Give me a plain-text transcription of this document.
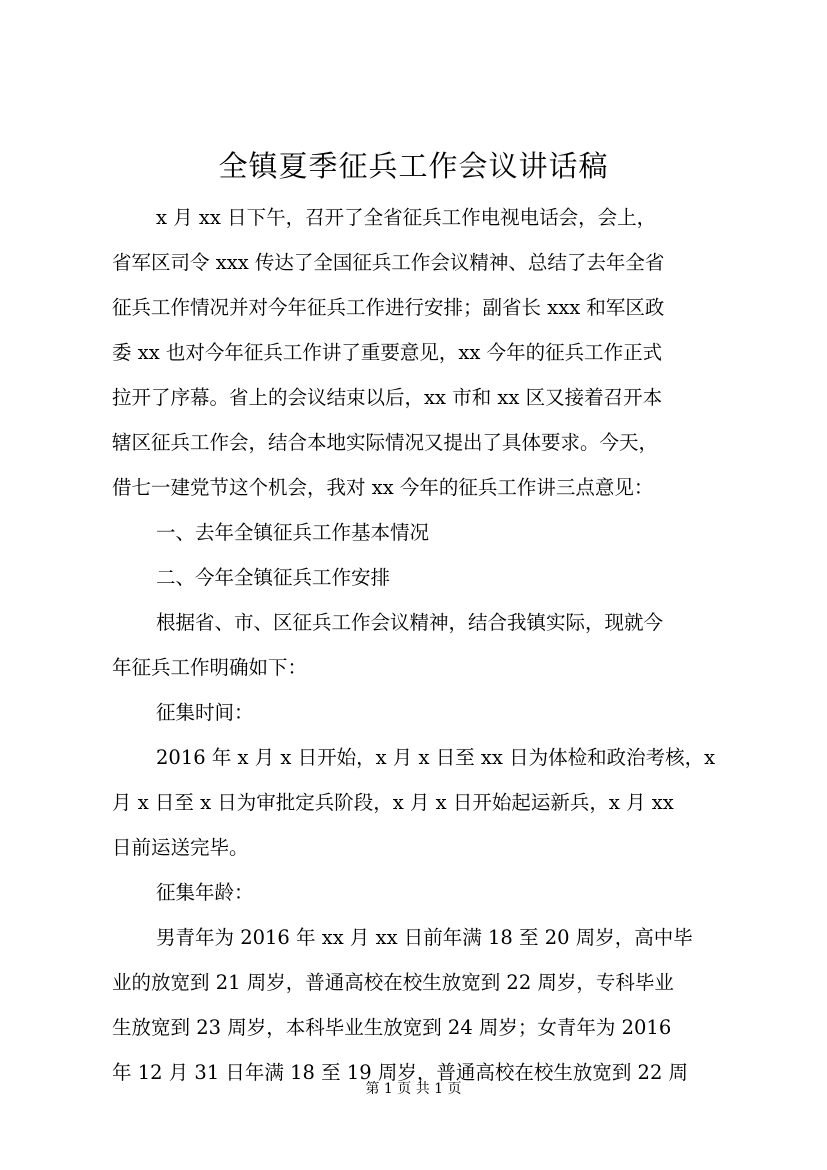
全镇夏季征兵工作会议讲话稿
x 月 xx 日下午，召开了全省征兵工作电视电话会，会上，
省军区司令 xxx 传达了全国征兵工作会议精神、总结了去年全省
征兵工作情况并对今年征兵工作进行安排；副省长 xxx 和军区政
委 xx 也对今年征兵工作讲了重要意见，xx 今年的征兵工作正式
拉开了序幕。省上的会议结束以后，xx 市和 xx 区又接着召开本
辖区征兵工作会，结合本地实际情况又提出了具体要求。今天，
借七一建党节这个机会，我对 xx 今年的征兵工作讲三点意见：
一、去年全镇征兵工作基本情况
二、今年全镇征兵工作安排
根据省、市、区征兵工作会议精神，结合我镇实际，现就今
年征兵工作明确如下：
征集时间：
2016 年 x 月 x 日开始，x 月 x 日至 xx 日为体检和政治考核，x
月 x 日至 x 日为审批定兵阶段，x 月 x 日开始起运新兵，x 月 xx
日前运送完毕。
征集年龄：
男青年为 2016 年 xx 月 xx 日前年满 18 至 20 周岁，高中毕
业的放宽到 21 周岁，普通高校在校生放宽到 22 周岁，专科毕业
生放宽到 23 周岁，本科毕业生放宽到 24 周岁；女青年为 2016
年 12 月 31 日年满 18 至 19 周岁，普通高校在校生放宽到 22 周
第 1 页 共 1 页
